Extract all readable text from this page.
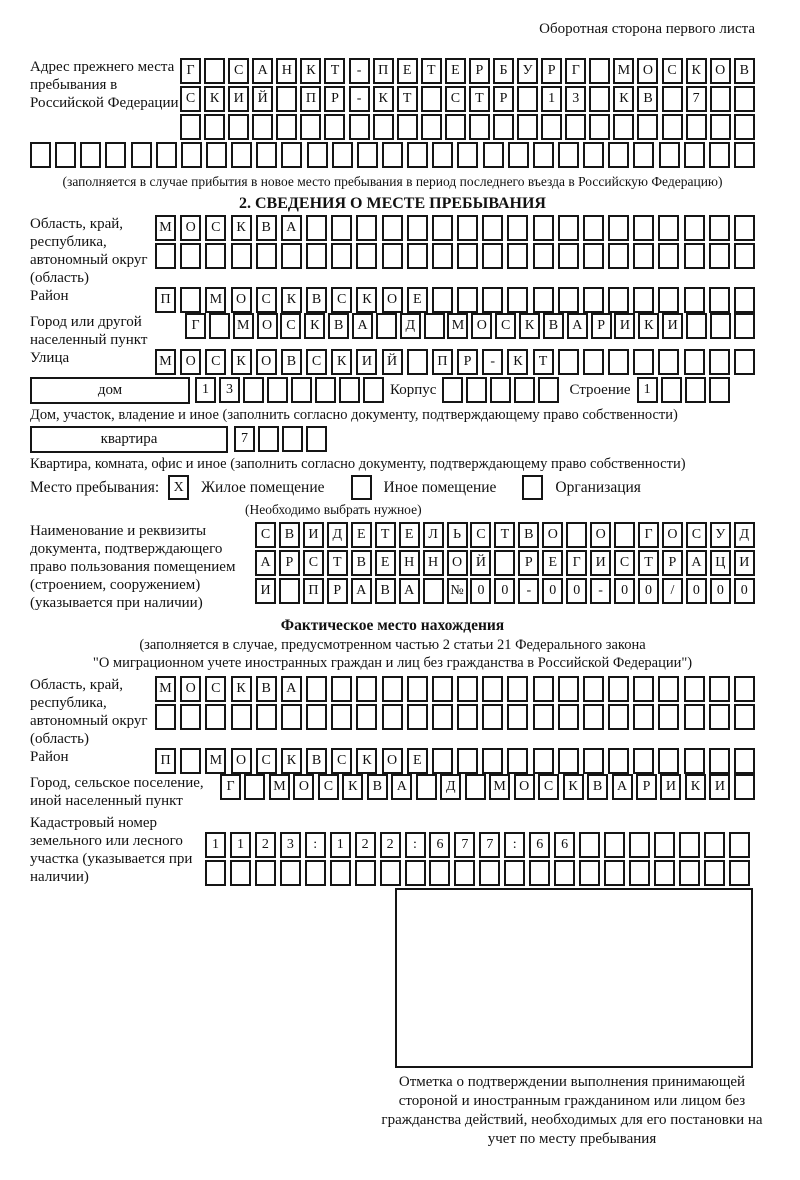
Оборотная сторона первого листа
Адрес прежнего места пребывания в Российской Федерации
Г	С	А Н	К	Т	-	П	Е	Т	Е	Р	Б	У	Р	Г	М О	С	К	О	В
С	К	И Й	П	Р	-	К	Т	С	Т	Р	1	3	К	В	7
(заполняется в случае прибытия в новое место пребывания в период последнего въезда в Российскую Федерацию)
2. СВЕДЕНИЯ О МЕСТЕ ПРЕБЫВАНИЯ
Область, край, республика, автономный округ (область)
М О	С	К	В	А
Район	П	М О	С	К	В	С	К	О	Е
Город или другой населенный пункт
Г	М О	С	К	В	А	Д	М О	С	К	В	А	Р	И	К	И
Улица	М О	С	К	О	В	С	К	И	Й	П	Р	-	К	Т
дом	1	3	Корпус	Строение 1
Дом, участок, владение и иное (заполнить согласно документу, подтверждающему право собственности)
квартира	7
Квартира, комната, офис и иное (заполнить согласно документу, подтверждающему право собственности)
Место пребывания:	X	Жилое помещение	Иное помещение	Организация
(Необходимо выбрать нужное)
Наименование и реквизиты документа, подтверждающего право пользования помещением (строением, сооружением) (указывается при наличии)
С	В	И	Д	Е	Т	Е	Л	Ь	С	Т	В	О	О	Г	О	С	У	Д
А	Р	С	Т	В	Е	Н Н О Й	Р	Е	Г	И	С	Т	Р	А Ц И
И	П	Р	А	В	А	№ 0	0	-	0	0	-	0	0	/	0	0	0
Фактическое место нахождения
(заполняется в случае, предусмотренном частью 2 статьи 21 Федерального закона
"О миграционном учете иностранных граждан и лиц без гражданства в Российской Федерации")
Область, край, республика, автономный округ (область)
М О	С	К	В	А
Район	П	М О	С	К	В	С	К	О	Е
Город, сельское поселение, иной населенный пункт
Г	М О	С	К	В	А	Д	М О	С	К	В	А	Р	И	К	И
Кадастровый номер земельного или лесного участка (указывается при наличии)
1	1	2	3	:	1	2	2	:	6	7	7	:	6	6
Отметка о подтверждении выполнения принимающей стороной и иностранным гражданином или лицом без гражданства действий, необходимых для его постановки на учет по месту пребывания
